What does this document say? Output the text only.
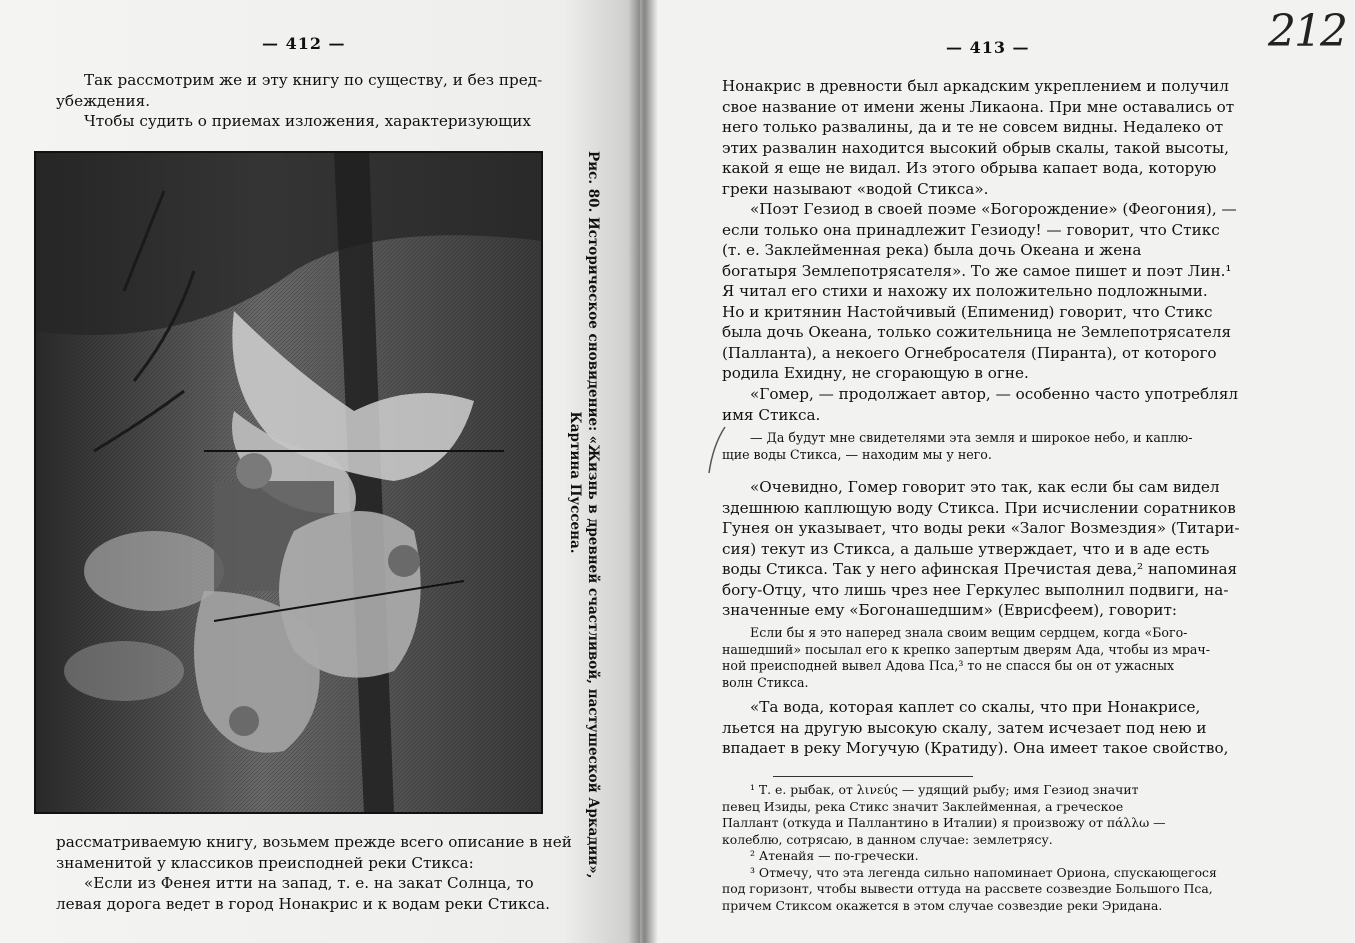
— 412 —
Так рассмотрим же и эту книгу по существу, и без пред-
убеждения.
Чтобы судить о приемах изложения, характеризующих
Рис. 80. Историческое сновидение: «Жизнь в древней счастливой, пастушеской Аркадии»,
Картина Пуссена.
рассматриваемую книгу, возьмем прежде всего описание в ней
знаменитой у классиков преисподней реки Стикса:
«Если из Фенея итти на запад, т. е. на закат Солнца, то
левая дорога ведет в город Нонакрис и к водам реки Стикса.
— 413 —	212
Нонакрис в древности был аркадским укреплением и получил
свое название от имени жены Ликаона. При мне оставались от
него только развалины, да и те не совсем видны. Недалеко от
этих развалин находится высокий обрыв скалы, такой высоты,
какой я еще не видал. Из этого обрыва капает вода, которую
греки называют «водой Стикса».
«Поэт Гезиод в своей поэме «Богорождение» (Феогония), —
если только она принадлежит Гезиоду! — говорит, что Стикс
(т. е. Заклейменная река) была дочь Океана и жена
богатыря Землепотрясателя». То же самое пишет и поэт Лин.¹
Я читал его стихи и нахожу их положительно подложными.
Но и критянин Настойчивый (Епименид) говорит, что Стикс
была дочь Океана, только сожительница не Землепотрясателя
(Палланта), а некоего Огнебросателя (Пиранта), от которого
родила Ехидну, не сгорающую в огне.
«Гомер, — продолжает автор, — особенно часто употреблял
имя Стикса.
— Да будут мне свидетелями эта земля и широкое небо, и каплю-
щие воды Стикса, — находим мы у него.
«Очевидно, Гомер говорит это так, как если бы сам видел
здешнюю каплющую воду Стикса. При исчислении соратников
Гунея он указывает, что воды реки «Залог Возмездия» (Титари-
сия) текут из Стикса, а дальше утверждает, что и в аде есть
воды Стикса. Так у него афинская Пречистая дева,² напоминая
богу-Отцу, что лишь чрез нее Геркулес выполнил подвиги, на-
значенные ему «Богонашедшим» (Еврисфеем), говорит:
Если бы я это наперед знала своим вещим сердцем, когда «Бого-
нашедший» посылал его к крепко запертым дверям Ада, чтобы из мрач-
ной преисподней вывел Адова Пса,³ то не спасся бы он от ужасных
волн Стикса.
«Та вода, которая каплет со скалы, что при Нонакрисе,
льется на другую высокую скалу, затем исчезает под нею и
впадает в реку Могучую (Кратиду). Она имеет такое свойство,
¹ Т. е. рыбак, от λινεύς — удящий рыбу; имя Гезиод значит
певец Изиды, река Стикс значит Заклейменная, а греческое
Паллант (откуда и Паллантино в Италии) я произвожу от πάλλω —
колеблю, сотрясаю, в данном случае: землетрясу.
² Атенайя — по-гречески.
³ Отмечу, что эта легенда сильно напоминает Ориона, спускающегося
под горизонт, чтобы вывести оттуда на рассвете созвездие Большого Пса,
причем Стиксом окажется в этом случае созвездие реки Эридана.
